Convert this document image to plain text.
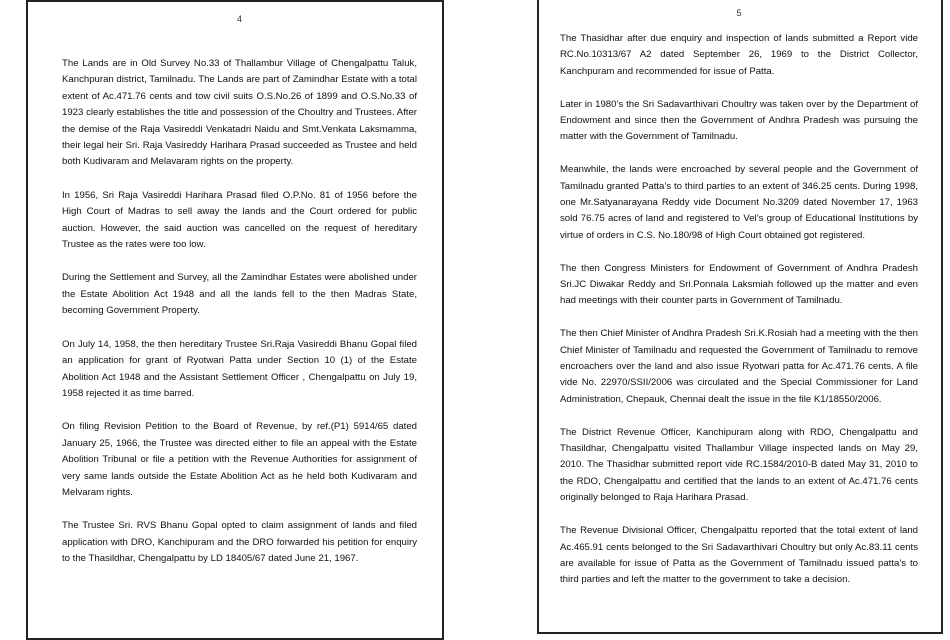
4

The Lands are in Old Survey No.33 of Thallambur Village of Chengalpattu Taluk, Kanchpuran district, Tamilnadu. The Lands are part of Zamindhar Estate with a total extent of Ac.471.76 cents and tow civil suits O.S.No.26 of 1899 and O.S.No.33 of 1923 clearly establishes the title and possession of the Choultry and Trustees. After the demise of the Raja Vasireddi Venkatadri Naidu and Smt.Venkata Laksmamma, their legal heir Sri. Raja Vasireddy Harihara Prasad succeeded as Trustee and held both Kudivaram and Melavaram rights on the property.

In 1956, Sri Raja Vasireddi Harihara Prasad filed O.P.No. 81 of 1956 before the High Court of Madras to sell away the lands and the Court ordered for public auction. However, the said auction was cancelled on the request of hereditary Trustee as the rates were too low.

During the Settlement and Survey, all the Zamindhar Estates were abolished under the Estate Abolition Act 1948 and all the lands fell to the then Madras State, becoming Government Property.

On July 14, 1958, the then hereditary Trustee Sri.Raja Vasireddi Bhanu Gopal filed an application for grant of Ryotwari Patta under Section 10 (1) of the Estate Abolition Act 1948 and the Assistant Settlement Officer , Chengalpattu on July 19, 1958 rejected it as time barred.

On filing Revision Petition to the Board of Revenue, by ref.(P1) 5914/65 dated January 25, 1966, the Trustee was directed either to file an appeal with the Estate Abolition Tribunal or file a petition with the Revenue Authorities for assignment of very same lands outside the Estate Abolition Act as he held both Kudivaram and Melvaram rights.

The Trustee Sri. RVS Bhanu Gopal opted to claim assignment of lands and filed application with DRO, Kanchipuram and the DRO forwarded his petition for enquiry to the Thasildhar, Chengalpattu by LD 18405/67 dated June 21, 1967.

5

The Thasidhar after due enquiry and inspection of lands submitted a Report vide RC.No.10313/67 A2 dated September 26, 1969 to the District Collector, Kanchpuram and recommended for issue of Patta.

Later in 1980’s the Sri Sadavarthivari Choultry was taken over by the Department of Endowment and since then the Government of Andhra Pradesh was pursuing the matter with the Government of Tamilnadu.

Meanwhile, the lands were encroached by several people and the Government of Tamilnadu granted Patta’s to third parties to an extent of 346.25 cents. During 1998, one Mr.Satyanarayana Reddy vide Document No.3209 dated November 17, 1963 sold 76.75 acres of land and registered to Vel’s group of Educational Institutions by virtue of orders in C.S. No.180/98 of High Court obtained got registered.

The then Congress Ministers for Endowment of Government of Andhra Pradesh Sri.JC Diwakar Reddy and Sri.Ponnala Laksmiah followed up the matter and even had meetings with their counter parts in Government of Tamilnadu.

The then Chief Minister of Andhra Pradesh Sri.K.Rosiah had a meeting with the then Chief Minister of Tamilnadu and requested the Government of Tamilnadu to remove encroachers over the land and also issue Ryotwari patta for Ac.471.76 cents. A file vide No. 22970/SSII/2006 was circulated and the Special Commissioner for Land Administration, Chepauk, Chennai dealt the issue in the file K1/18550/2006.

The District Revenue Officer, Kanchipuram along with RDO, Chengalpattu and Thasildhar, Chengalpattu visited Thallambur Village inspected lands on May 29, 2010. The Thasidhar submitted report vide RC.1584/2010-B dated May 31, 2010 to the RDO, Chengalpattu and certified that the lands to an extent of Ac.471.76 cents originally belonged to Raja Harihara Prasad.

The Revenue Divisional Officer, Chengalpattu reported that the total extent of land Ac.465.91 cents belonged to the Sri Sadavarthivari Choultry but only Ac.83.11 cents are available for issue of Patta as the Government of Tamilnadu issued patta’s to third parties and left the matter to the government to take a decision.
